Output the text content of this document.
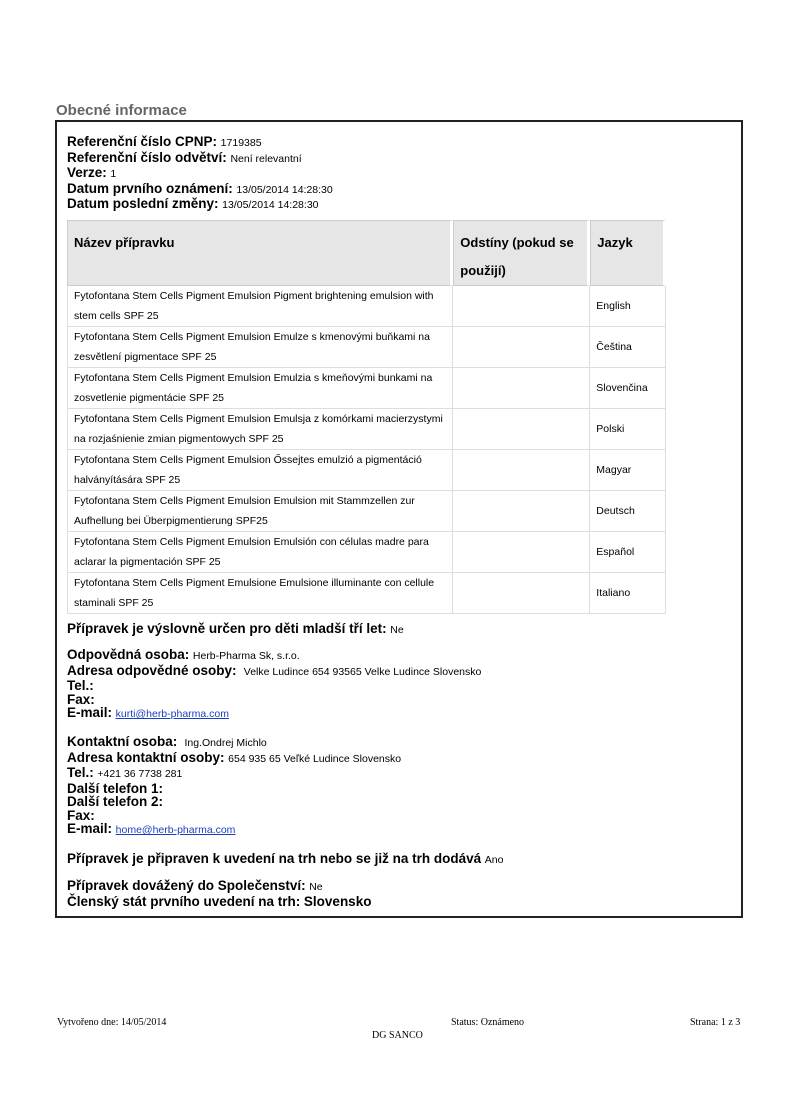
Obecné informace
Referenční číslo CPNP: 1719385
Referenční číslo odvětví: Není relevantní
Verze: 1
Datum prvního oznámení: 13/05/2014 14:28:30
Datum poslední změny: 13/05/2014 14:28:30
Název přípravku	Odstíny (pokud se použijí)	Jazyk
Fytofontana Stem Cells Pigment Emulsion Pigment brightening emulsion with stem cells SPF 25		English
Fytofontana Stem Cells Pigment Emulsion Emulze s kmenovými buňkami na zesvětlení pigmentace SPF 25		Čeština
Fytofontana Stem Cells Pigment Emulsion Emulzia s kmeňovými bunkami na zosvetlenie pigmentácie SPF 25		Slovenčina
Fytofontana Stem Cells Pigment Emulsion Emulsja z komórkami macierzystymi na rozjaśnienie zmian pigmentowych SPF 25		Polski
Fytofontana Stem Cells Pigment Emulsion Őssejtes emulzió a pigmentáció halványítására SPF 25		Magyar
Fytofontana Stem Cells Pigment Emulsion Emulsion mit Stammzellen zur Aufhellung bei Überpigmentierung SPF25		Deutsch
Fytofontana Stem Cells Pigment Emulsion Emulsión con células madre para aclarar la pigmentación SPF 25		Español
Fytofontana Stem Cells Pigment Emulsione Emulsione illuminante con cellule staminali SPF 25		Italiano
Přípravek je výslovně určen pro děti mladší tří let: Ne
Odpovědná osoba: Herb-Pharma Sk, s.r.o.
Adresa odpovědné osoby: Velke Ludince 654 93565 Velke Ludince Slovensko
Tel.:
Fax:
E-mail: kurti@herb-pharma.com
Kontaktní osoba: Ing.Ondrej Michlo
Adresa kontaktní osoby: 654 935 65 Veľké Ludince Slovensko
Tel.: +421 36 7738 281
Další telefon 1:
Další telefon 2:
Fax:
E-mail: home@herb-pharma.com
Přípravek je připraven k uvedení na trh nebo se již na trh dodává Ano
Přípravek dovážený do Společenství: Ne
Členský stát prvního uvedení na trh: Slovensko
Vytvořeno dne: 14/05/2014	Status: Oznámeno	Strana: 1 z 3
DG SANCO
